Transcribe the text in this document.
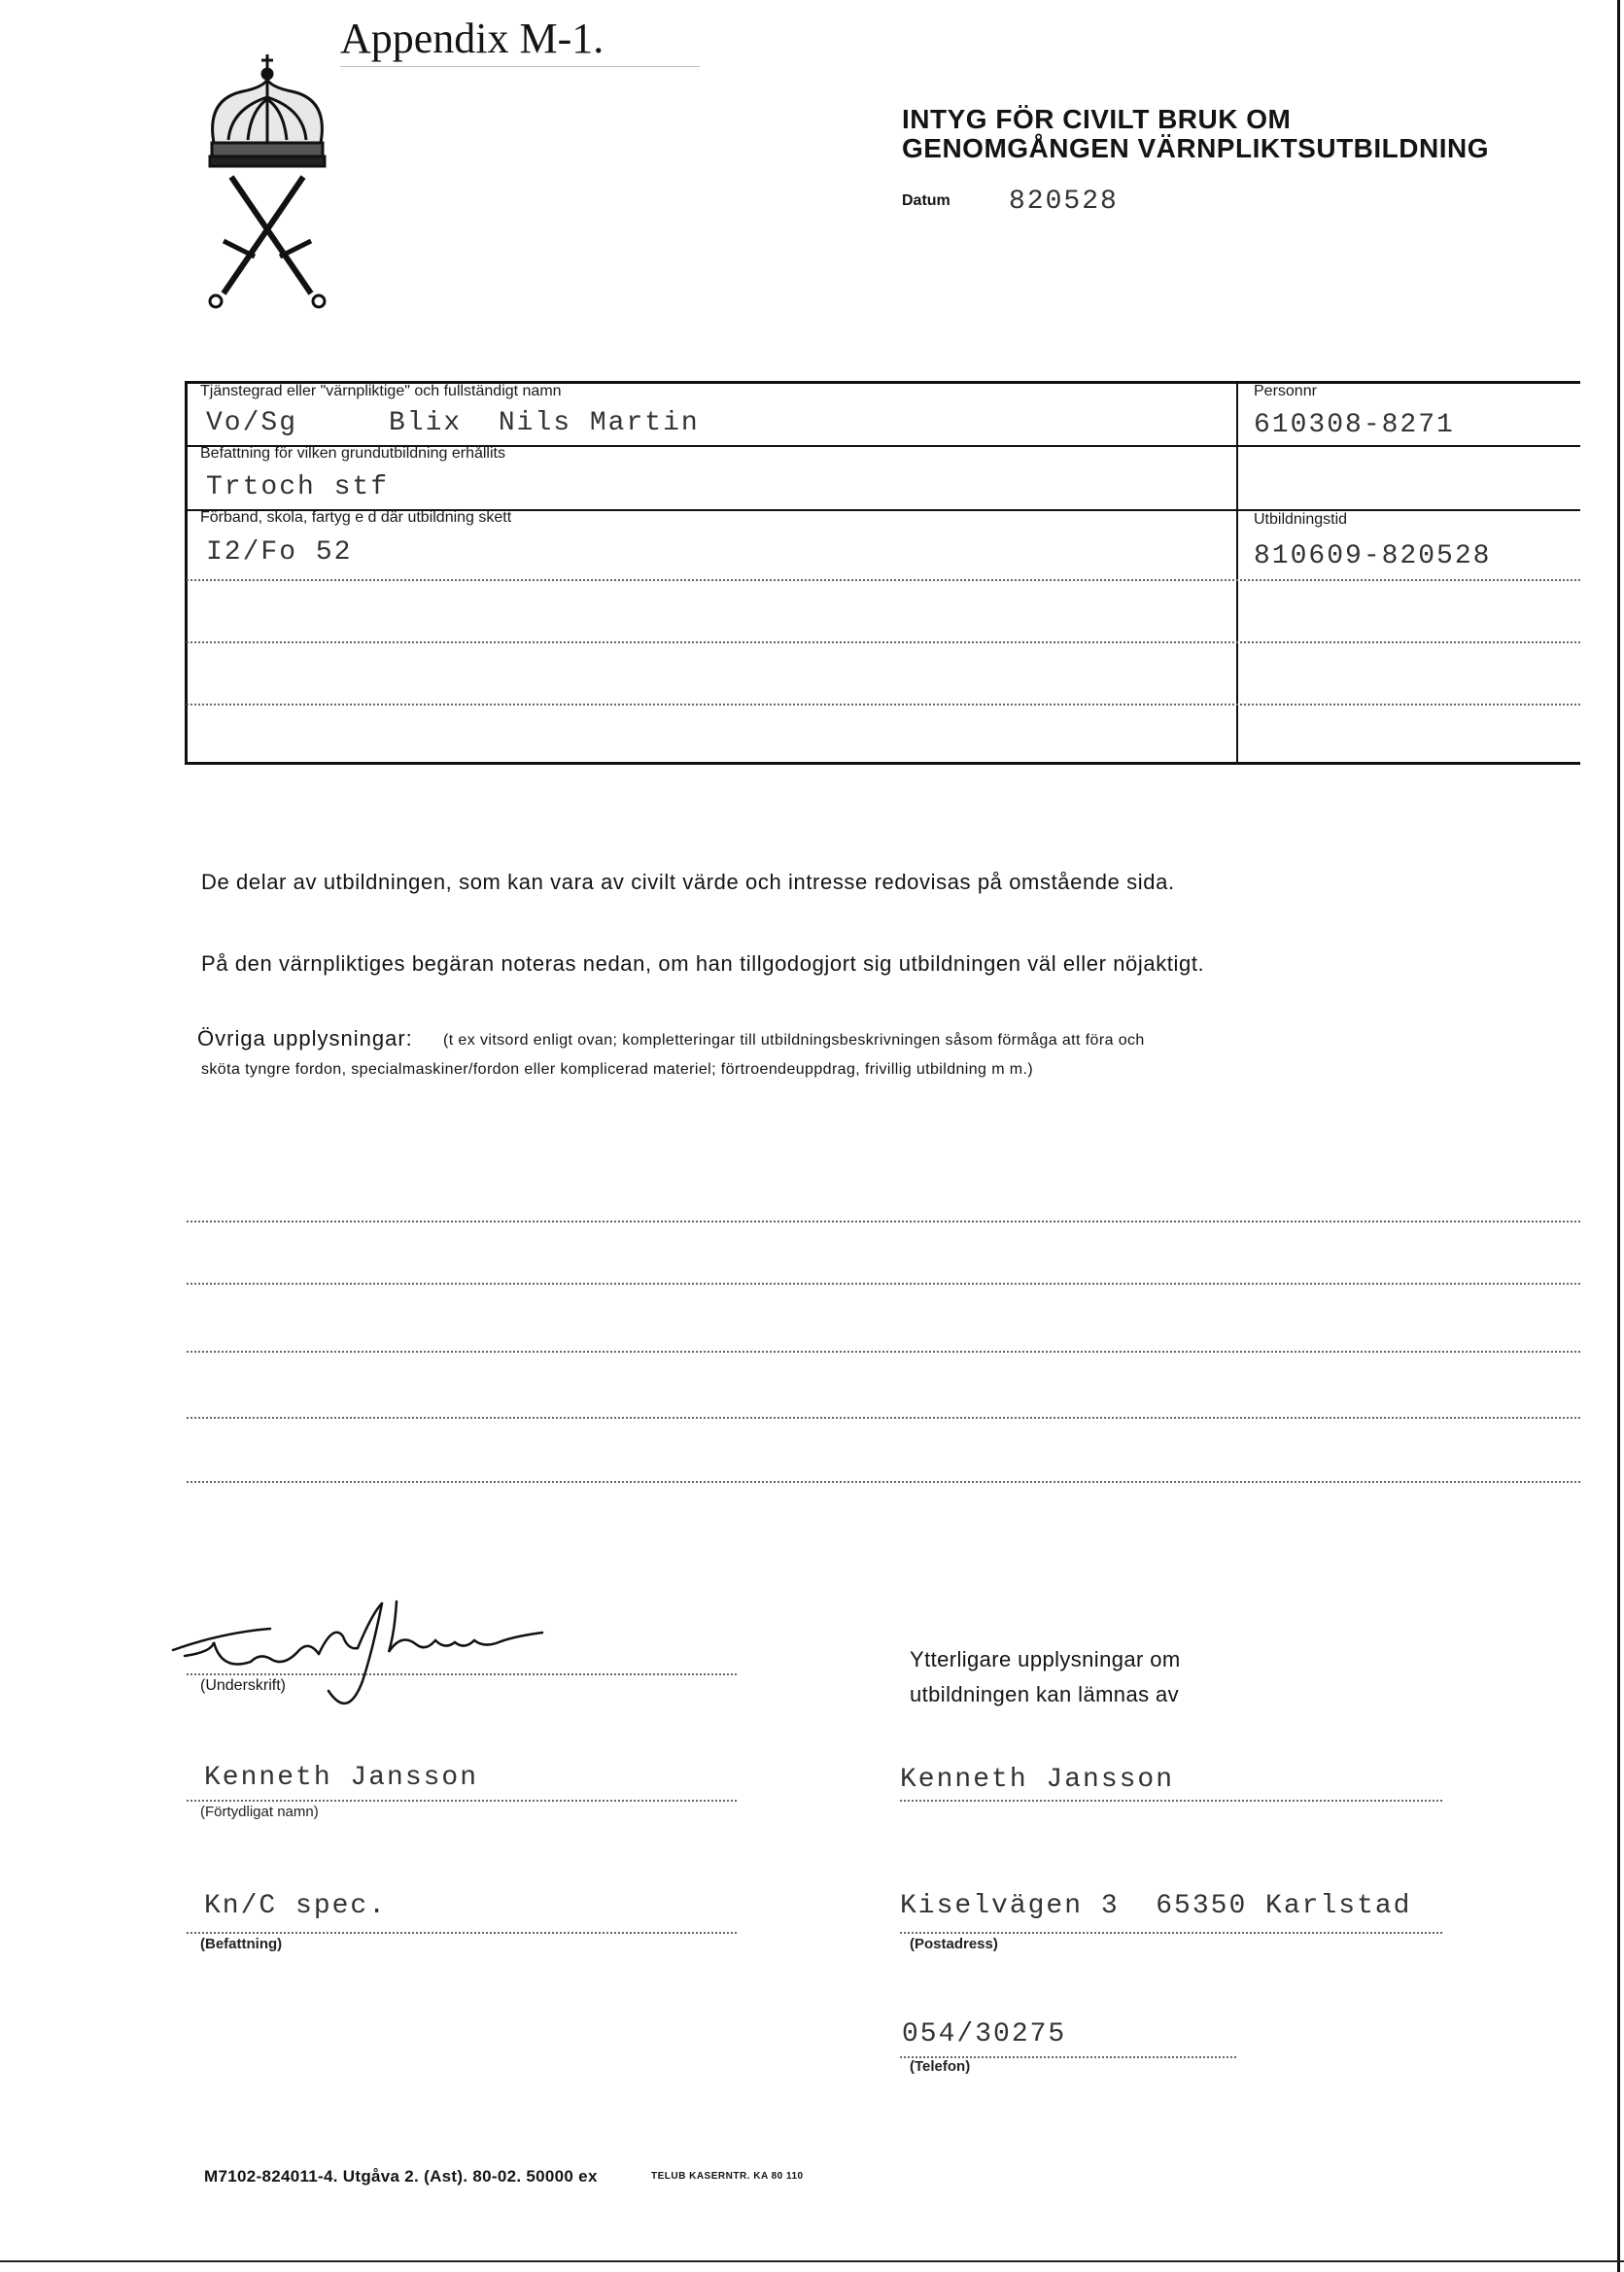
Appendix M-1.
INTYG FÖR CIVILT BRUK OM
GENOMGÅNGEN VÄRNPLIKTSUTBILDNING
Datum 820528
Tjänstegrad eller "värnpliktige" och fullständigt namn
Vo/Sg     Blix  Nils Martin
Personnr
610308-8271
Befattning för vilken grundutbildning erhållits
Trtoch stf
Förband, skola, fartyg e d där utbildning skett
I2/Fo 52
Utbildningstid
810609-820528
De delar av utbildningen, som kan vara av civilt värde och intresse redovisas på omstående sida.
På den värnpliktiges begäran noteras nedan, om han tillgodogjort sig utbildningen väl eller nöjaktigt.
Övriga upplysningar: (t ex vitsord enligt ovan; kompletteringar till utbildningsbeskrivningen såsom förmåga att föra och
sköta tyngre fordon, specialmaskiner/fordon eller komplicerad materiel; förtroendeuppdrag, frivillig utbildning m m.)
(Underskrift)
Kenneth Jansson
(Förtydligat namn)
Kn/C spec.
(Befattning)
Ytterligare upplysningar om
utbildningen kan lämnas av
Kenneth Jansson
Kiselvägen 3  65350 Karlstad
(Postadress)
054/30275
(Telefon)
M7102-824011-4. Utgåva 2. (Ast). 80-02. 50000 ex	TELUB KASERNTR. KA 80 110
